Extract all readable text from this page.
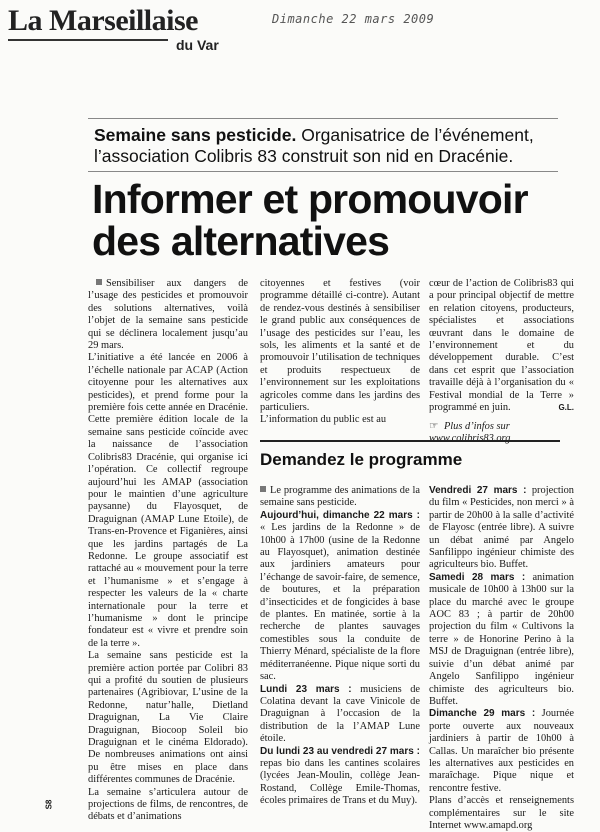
La Marseillaise
du Var
Dimanche 22 mars 2009
Semaine sans pesticide. Organisatrice de l’événement, l’association Colibris 83 construit son nid en Dracénie.
Informer et promouvoir des alternatives

Sensibiliser aux dangers de l’usage des pesticides et promouvoir des solutions alternatives, voilà l’objet de la semaine sans pesticide qui se déclinera localement jusqu’au 29 mars.

L’initiative a été lancée en 2006 à l’échelle nationale par ACAP (Action citoyenne pour les alternatives aux pesticides), et prend forme pour la première fois cette année en Dracénie. Cette première édition locale de la semaine sans pesticide coïncide avec la naissance de l’association Colibris83 Dracénie, qui organise ici l’opération. Ce collectif regroupe aujourd’hui les AMAP (association pour le maintien d’une agriculture paysanne) du Flayosquet, de Draguignan (AMAP Lune Etoile), de Trans-en-Provence et Figanières, ainsi que les jardins partagés de La Redonne. Le groupe associatif est rattaché au « mouvement pour la terre et l’humanisme » et s’engage à respecter les valeurs de la « charte internationale pour la terre et l’humanisme » dont le principe fondateur est « vivre et prendre soin de la terre ».

La semaine sans pesticide est la première action portée par Colibri 83 qui a profité du soutien de plusieurs partenaires (Agribiovar, L’usine de la Redonne, natur’halle, Dietland Draguignan, La Vie Claire Draguignan, Biocoop Soleil bio Draguignan et le cinéma Eldorado). De nombreuses animations ont ainsi pu être mises en place dans différentes communes de Dracénie.

La semaine s’articulera autour de projections de films, de rencontres, de débats et d’animations

citoyennes et festives (voir programme détaillé ci-contre). Autant de rendez-vous destinés à sensibiliser le grand public aux conséquences de l’usage des pesticides sur l’eau, les sols, les aliments et la santé et de promouvoir l’utilisation de techniques et produits respectueux de l’environnement sur les exploitations agricoles comme dans les jardins des particuliers.

L’information du public est au

cœur de l’action de Colibris83 qui a pour principal objectif de mettre en relation citoyens, producteurs, spécialistes et associations œuvrant dans le domaine de l’environnement et du développement durable. C’est dans cet esprit que l’association travaille déjà à l’organisation du « Festival mondial de la Terre » programmé en juin.	G.L.
☞ Plus d’infos sur
www.colibris83.org
Demandez le programme

Le programme des animations de la semaine sans pesticide.

Aujourd’hui, dimanche 22 mars : « Les jardins de la Redonne » de 10h00 à 17h00 (usine de la Redonne au Flayosquet), animation destinée aux jardiniers amateurs pour l’échange de savoir-faire, de semence, de boutures, et la préparation d’insecticides et de fongicides à base de plantes. En matinée, sortie à la recherche de plantes sauvages comestibles sous la conduite de Thierry Ménard, spécialiste de la flore méditerranéenne. Pique nique sorti du sac.

Lundi 23 mars : musiciens de Colatina devant la cave Vinicole de Draguignan à l’occasion de la distribution de la l’AMAP Lune étoile.

Du lundi 23 au vendredi 27 mars : repas bio dans les cantines scolaires (lycées Jean-Moulin, collège Jean-Rostand, Collège Emile-Thomas, écoles primaires de Trans et du Muy).

Vendredi 27 mars : projection du film « Pesticides, non merci » à partir de 20h00 à la salle d’activité de Flayosc (entrée libre). A suivre un débat animé par Angelo Sanfilippo ingénieur chimiste des agriculteurs bio. Buffet.

Samedi 28 mars : animation musicale de 10h00 à 13h00 sur la place du marché avec le groupe AOC 83 ; à partir de 20h00 projection du film « Cultivons la terre » de Honorine Perino à la MSJ de Draguignan (entrée libre), suivie d’un débat animé par Angelo Sanfilippo ingénieur chimiste des agriculteurs bio. Buffet.

Dimanche 29 mars : Journée porte ouverte aux nouveaux jardiniers à partir de 10h00 à Callas. Un maraîcher bio présente les alternatives aux pesticides en maraîchage. Pique nique et rencontre festive.

Plans d’accès et renseignements complémentaires sur le site Internet www.amapd.org

S8
